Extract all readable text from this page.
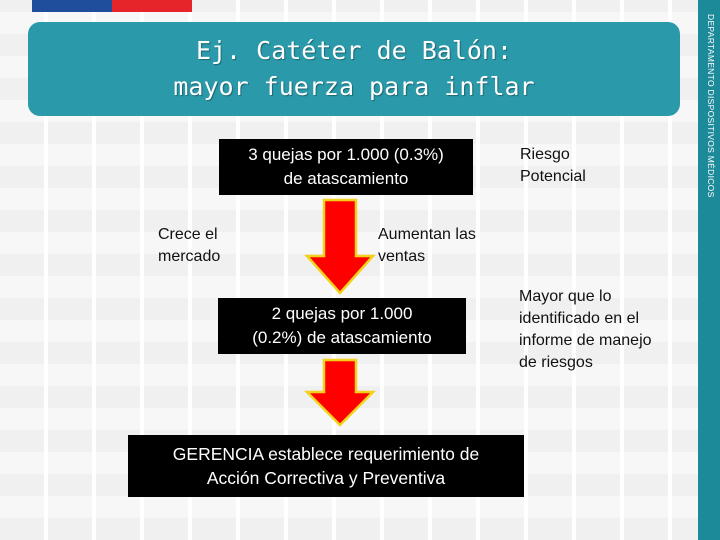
DEPARTAMENTO DISPOSITIVOS MÉDICOS
Ej. Catéter de Balón:
mayor fuerza para inflar
3 quejas por 1.000 (0.3%)
de atascamiento
Riesgo
Potencial
Crece el
mercado
Aumentan las
ventas
2 quejas por 1.000
(0.2%) de atascamiento
Mayor que lo
identificado en el
informe de manejo
de riesgos
GERENCIA establece requerimiento de
Acción Correctiva y Preventiva
